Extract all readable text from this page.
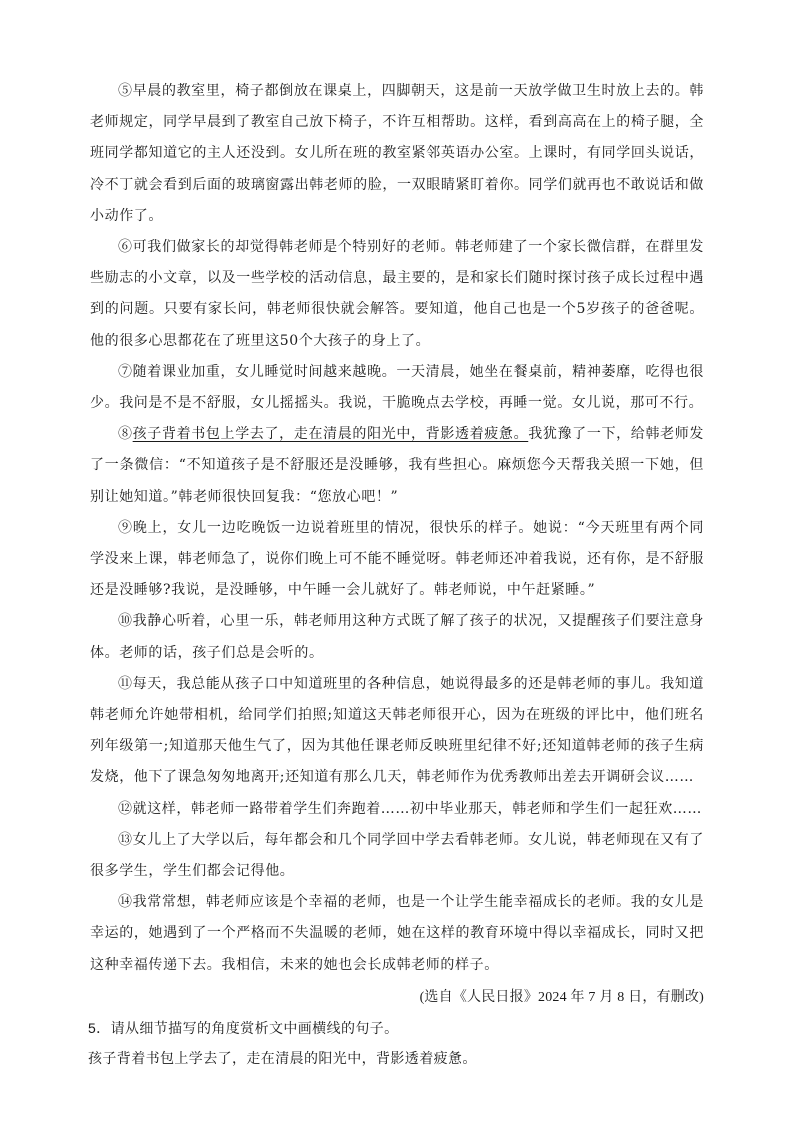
⑤早晨的教室里，椅子都倒放在课桌上，四脚朝天，这是前一天放学做卫生时放上去的。韩老师规定，同学早晨到了教室自己放下椅子，不许互相帮助。这样，看到高高在上的椅子腿，全班同学都知道它的主人还没到。女儿所在班的教室紧邻英语办公室。上课时，有同学回头说话，冷不丁就会看到后面的玻璃窗露出韩老师的脸，一双眼睛紧盯着你。同学们就再也不敢说话和做小动作了。

⑥可我们做家长的却觉得韩老师是个特别好的老师。韩老师建了一个家长微信群，在群里发些励志的小文章，以及一些学校的活动信息，最主要的，是和家长们随时探讨孩子成长过程中遇到的问题。只要有家长问，韩老师很快就会解答。要知道，他自己也是一个5岁孩子的爸爸呢。他的很多心思都花在了班里这50个大孩子的身上了。

⑦随着课业加重，女儿睡觉时间越来越晚。一天清晨，她坐在餐桌前，精神萎靡，吃得也很少。我问是不是不舒服，女儿摇摇头。我说，干脆晚点去学校，再睡一觉。女儿说，那可不行。

⑧孩子背着书包上学去了，走在清晨的阳光中，背影透着疲惫。我犹豫了一下，给韩老师发了一条微信：“不知道孩子是不舒服还是没睡够，我有些担心。麻烦您今天帮我关照一下她，但别让她知道。”韩老师很快回复我：“您放心吧！”

⑨晚上，女儿一边吃晚饭一边说着班里的情况，很快乐的样子。她说：“今天班里有两个同学没来上课，韩老师急了，说你们晚上可不能不睡觉呀。韩老师还冲着我说，还有你，是不舒服还是没睡够?我说，是没睡够，中午睡一会儿就好了。韩老师说，中午赶紧睡。”

⑩我静心听着，心里一乐，韩老师用这种方式既了解了孩子的状况，又提醒孩子们要注意身体。老师的话，孩子们总是会听的。

⑪每天，我总能从孩子口中知道班里的各种信息，她说得最多的还是韩老师的事儿。我知道韩老师允许她带相机，给同学们拍照;知道这天韩老师很开心，因为在班级的评比中，他们班名列年级第一;知道那天他生气了，因为其他任课老师反映班里纪律不好;还知道韩老师的孩子生病发烧，他下了课急匆匆地离开;还知道有那么几天，韩老师作为优秀教师出差去开调研会议……

⑫就这样，韩老师一路带着学生们奔跑着……初中毕业那天，韩老师和学生们一起狂欢……

⑬女儿上了大学以后，每年都会和几个同学回中学去看韩老师。女儿说，韩老师现在又有了很多学生，学生们都会记得他。

⑭我常常想，韩老师应该是个幸福的老师，也是一个让学生能幸福成长的老师。我的女儿是幸运的，她遇到了一个严格而不失温暖的老师，她在这样的教育环境中得以幸福成长，同时又把这种幸福传递下去。我相信，未来的她也会长成韩老师的样子。

(选自《人民日报》2024 年 7 月 8 日，有删改)
5．请从细节描写的角度赏析文中画横线的句子。
孩子背着书包上学去了，走在清晨的阳光中，背影透着疲惫。
